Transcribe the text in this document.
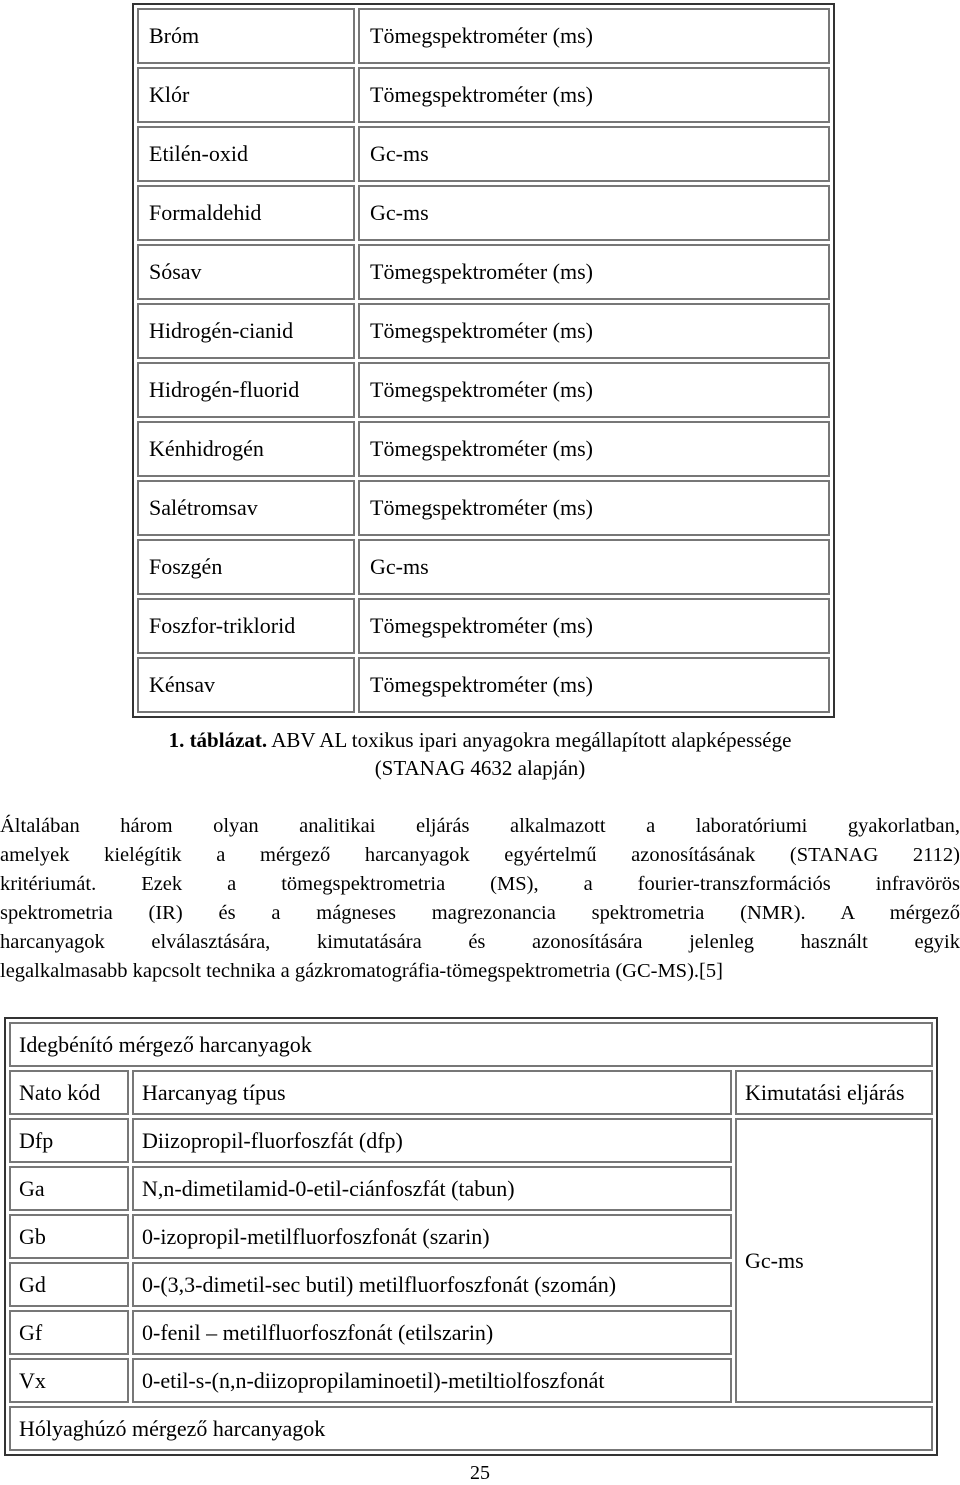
Bróm	Tömegspektrométer (ms)
Klór	Tömegspektrométer (ms)
Etilén-oxid	Gc-ms
Formaldehid	Gc-ms
Sósav	Tömegspektrométer (ms)
Hidrogén-cianid	Tömegspektrométer (ms)
Hidrogén-fluorid	Tömegspektrométer (ms)
Kénhidrogén	Tömegspektrométer (ms)
Salétromsav	Tömegspektrométer (ms)
Foszgén	Gc-ms
Foszfor-triklorid	Tömegspektrométer (ms)
Kénsav	Tömegspektrométer (ms)
1. táblázat. ABV AL toxikus ipari anyagokra megállapított alapképessége
(STANAG 4632 alapján)
Általában három olyan analitikai eljárás alkalmazott a laboratóriumi gyakorlatban,
amelyek kielégítik a mérgező harcanyagok egyértelmű azonosításának (STANAG 2112)
kritériumát. Ezek a tömegspektrometria (MS), a fourier-transzformációs infravörös
spektrometria (IR) és a mágneses magrezonancia spektrometria (NMR). A mérgező
harcanyagok elválasztására, kimutatására és azonosítására jelenleg használt egyik
legalkalmasabb kapcsolt technika a gázkromatográfia-tömegspektrometria (GC-MS).[5]
Idegbénító mérgező harcanyagok		
Nato kód	Harcanyag típus	Kimutatási eljárás
Dfp	Diizopropil-fluorfoszfát (dfp)	Gc-ms
Ga	N,n-dimetilamid-0-etil-ciánfoszfát (tabun)	
Gb	0-izopropil-metilfluorfoszfonát (szarin)	
Gd	0-(3,3-dimetil-sec butil) metilfluorfoszfonát (szomán)	
Gf	0-fenil – metilfluorfoszfonát (etilszarin)	
Vx	0-etil-s-(n,n-diizopropilaminoetil)-metiltiolfoszfonát	
Hólyaghúzó mérgező harcanyagok		
25
